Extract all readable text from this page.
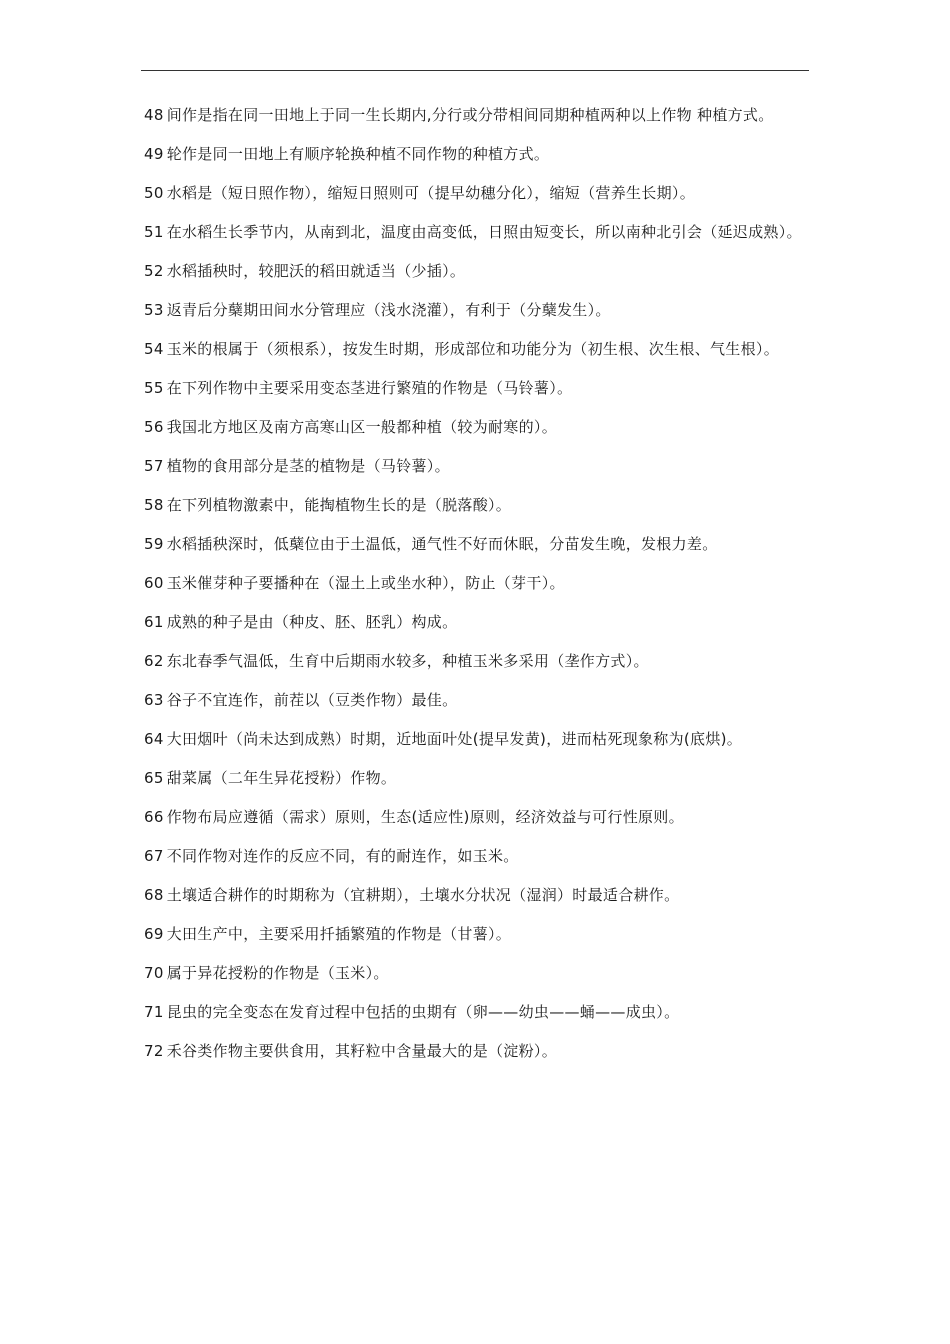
48 间作是指在同一田地上于同一生长期内,分行或分带相间同期种植两种以上作物 种植方式。

49 轮作是同一田地上有顺序轮换种植不同作物的种植方式。

50 水稻是（短日照作物），缩短日照则可（提早幼穗分化），缩短（营养生长期）。

51 在水稻生长季节内，从南到北，温度由高变低，日照由短变长，所以南种北引会（延迟成熟）。

52 水稻插秧时，较肥沃的稻田就适当（少插）。

53 返青后分蘖期田间水分管理应（浅水浇灌），有利于（分蘖发生）。

54 玉米的根属于（须根系），按发生时期，形成部位和功能分为（初生根、次生根、气生根）。

55 在下列作物中主要采用变态茎进行繁殖的作物是（马铃薯）。

56 我国北方地区及南方高寒山区一般都种植（较为耐寒的）。

57 植物的食用部分是茎的植物是（马铃薯）。

58 在下列植物激素中，能掏植物生长的是（脱落酸）。

59 水稻插秧深时，低蘖位由于土温低，通气性不好而休眠，分苗发生晚，发根力差。

60 玉米催芽种子要播种在（湿土上或坐水种），防止（芽干）。

61 成熟的种子是由（种皮、胚、胚乳）构成。

62 东北春季气温低，生育中后期雨水较多，种植玉米多采用（垄作方式）。

63 谷子不宜连作，前茬以（豆类作物）最佳。

64 大田烟叶（尚未达到成熟）时期，近地面叶处(提早发黄)，进而枯死现象称为(底烘)。

65 甜菜属（二年生异花授粉）作物。

66 作物布局应遵循（需求）原则，生态(适应性)原则，经济效益与可行性原则。

67 不同作物对连作的反应不同，有的耐连作，如玉米。

68 土壤适合耕作的时期称为（宜耕期），土壤水分状况（湿润）时最适合耕作。

69 大田生产中，主要采用扦插繁殖的作物是（甘薯）。

70 属于异花授粉的作物是（玉米）。

71 昆虫的完全变态在发育过程中包括的虫期有（卵——幼虫——蛹——成虫）。

72 禾谷类作物主要供食用，其籽粒中含量最大的是（淀粉）。
